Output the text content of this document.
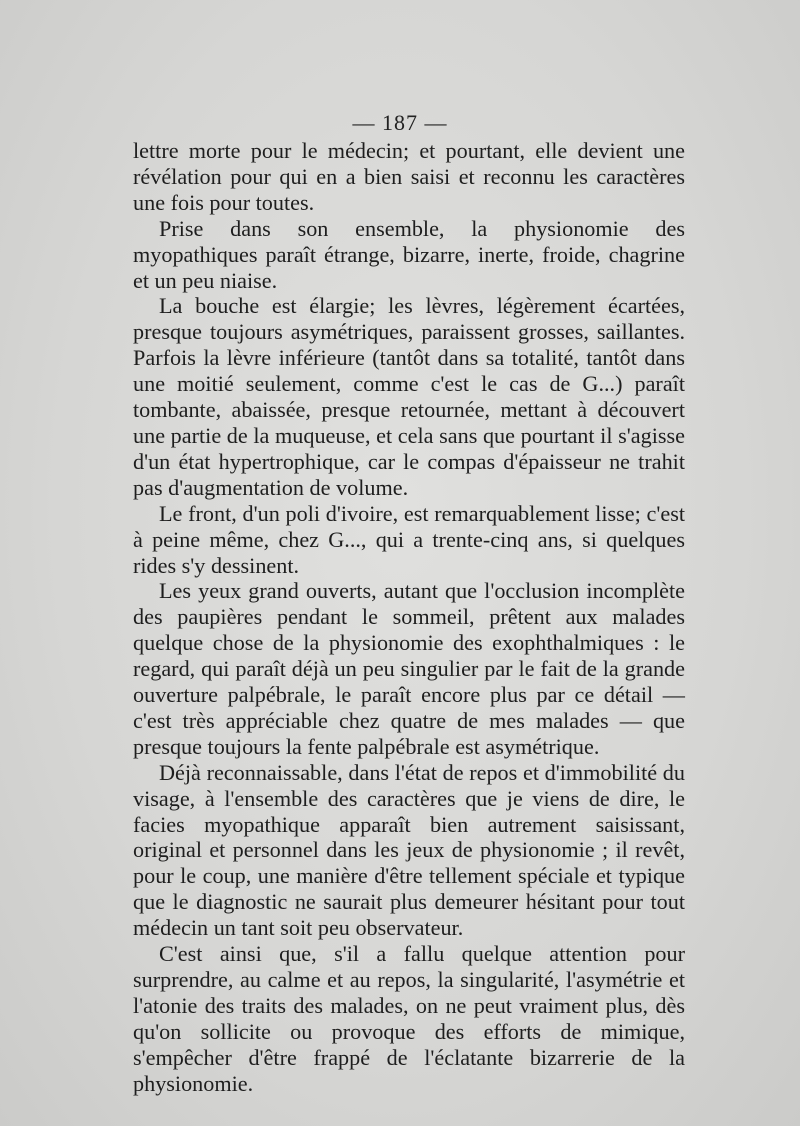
— 187 —

lettre morte pour le médecin; et pourtant, elle devient une révélation pour qui en a bien saisi et reconnu les caractères une fois pour toutes.

Prise dans son ensemble, la physionomie des myopathiques paraît étrange, bizarre, inerte, froide, chagrine et un peu niaise.

La bouche est élargie; les lèvres, légèrement écartées, presque toujours asymétriques, paraissent grosses, saillantes. Parfois la lèvre inférieure (tantôt dans sa totalité, tantôt dans une moitié seulement, comme c'est le cas de G...) paraît tombante, abaissée, presque retournée, mettant à découvert une partie de la muqueuse, et cela sans que pourtant il s'agisse d'un état hypertrophique, car le compas d'épaisseur ne trahit pas d'augmentation de volume.

Le front, d'un poli d'ivoire, est remarquablement lisse; c'est à peine même, chez G..., qui a trente-cinq ans, si quelques rides s'y dessinent.

Les yeux grand ouverts, autant que l'occlusion incomplète des paupières pendant le sommeil, prêtent aux malades quelque chose de la physionomie des exophthalmiques : le regard, qui paraît déjà un peu singulier par le fait de la grande ouverture palpébrale, le paraît encore plus par ce détail — c'est très appréciable chez quatre de mes malades — que presque toujours la fente palpébrale est asymétrique.

Déjà reconnaissable, dans l'état de repos et d'immobilité du visage, à l'ensemble des caractères que je viens de dire, le facies myopathique apparaît bien autrement saisissant, original et personnel dans les jeux de physionomie ; il revêt, pour le coup, une manière d'être tellement spéciale et typique que le diagnostic ne saurait plus demeurer hésitant pour tout médecin un tant soit peu observateur.

C'est ainsi que, s'il a fallu quelque attention pour surprendre, au calme et au repos, la singularité, l'asymétrie et l'atonie des traits des malades, on ne peut vraiment plus, dès qu'on sollicite ou provoque des efforts de mimique, s'empêcher d'être frappé de l'éclatante bizarrerie de la physionomie.
